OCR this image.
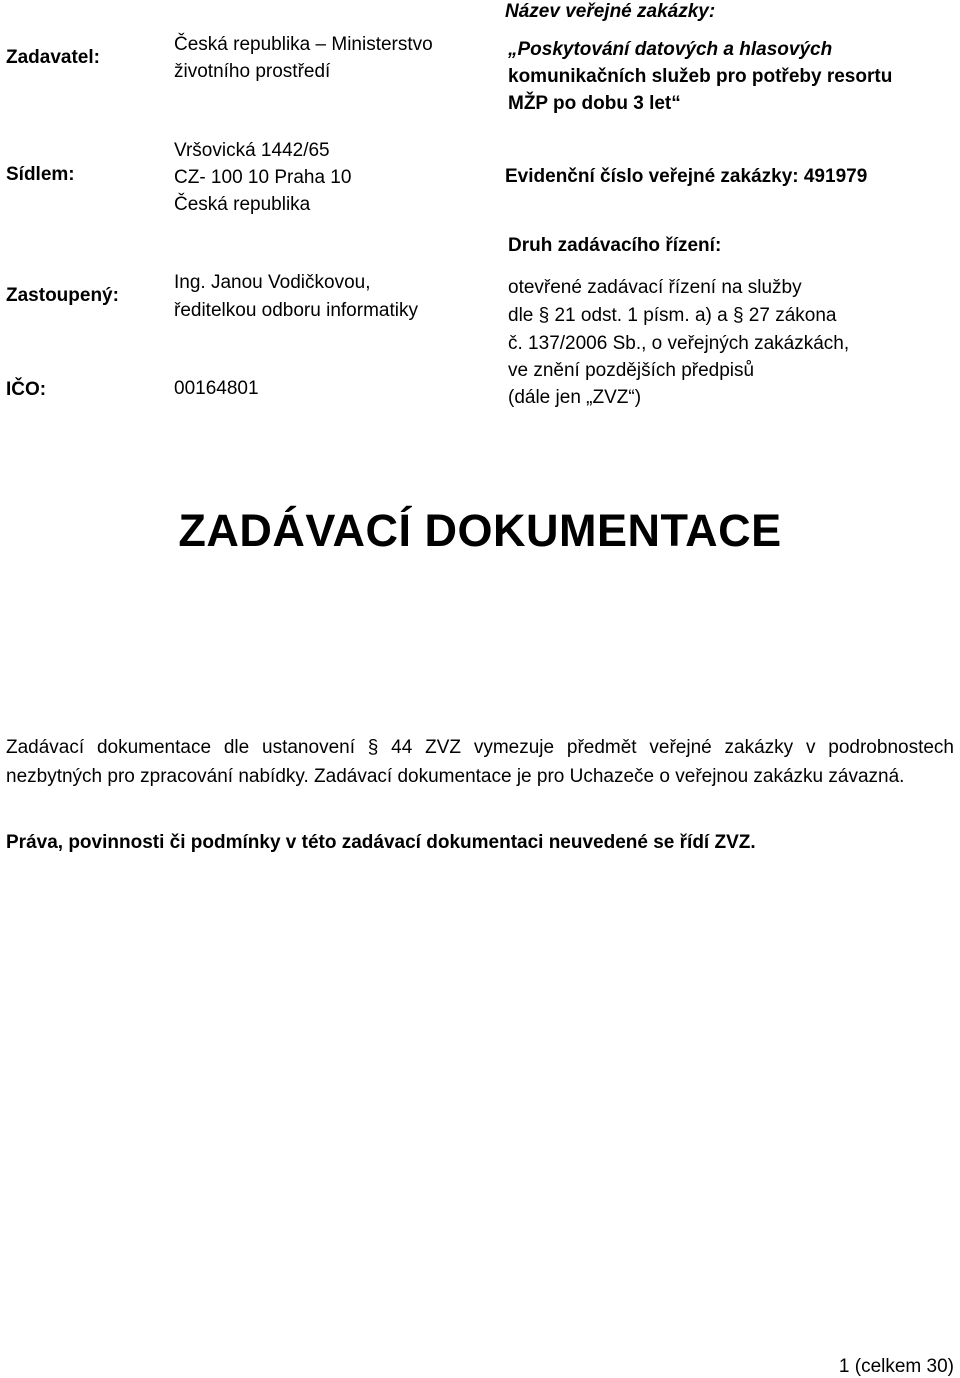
Zadavatel:
Česká republika – Ministerstvo
životního prostředí
Sídlem:
Vršovická 1442/65
CZ- 100 10 Praha 10
Česká republika
Zastoupený:
Ing. Janou Vodičkovou,
ředitelkou odboru informatiky
IČO:	00164801
Název veřejné zakázky:
„Poskytování datových a hlasových
komunikačních služeb pro potřeby resortu
MŽP po dobu 3 let“
Evidenční číslo veřejné zakázky: 491979
Druh zadávacího řízení:
otevřené zadávací řízení na služby
dle § 21 odst. 1 písm. a) a § 27 zákona
č. 137/2006 Sb., o veřejných zakázkách,
ve znění pozdějších předpisů
(dále jen „ZVZ“)
ZADÁVACÍ DOKUMENTACE
Zadávací dokumentace dle ustanovení § 44 ZVZ vymezuje předmět veřejné zakázky v podrobnostech nezbytných pro zpracování nabídky. Zadávací dokumentace je pro Uchazeče o veřejnou zakázku závazná.
Práva, povinnosti či podmínky v této zadávací dokumentaci neuvedené se řídí ZVZ.
1 (celkem 30)
